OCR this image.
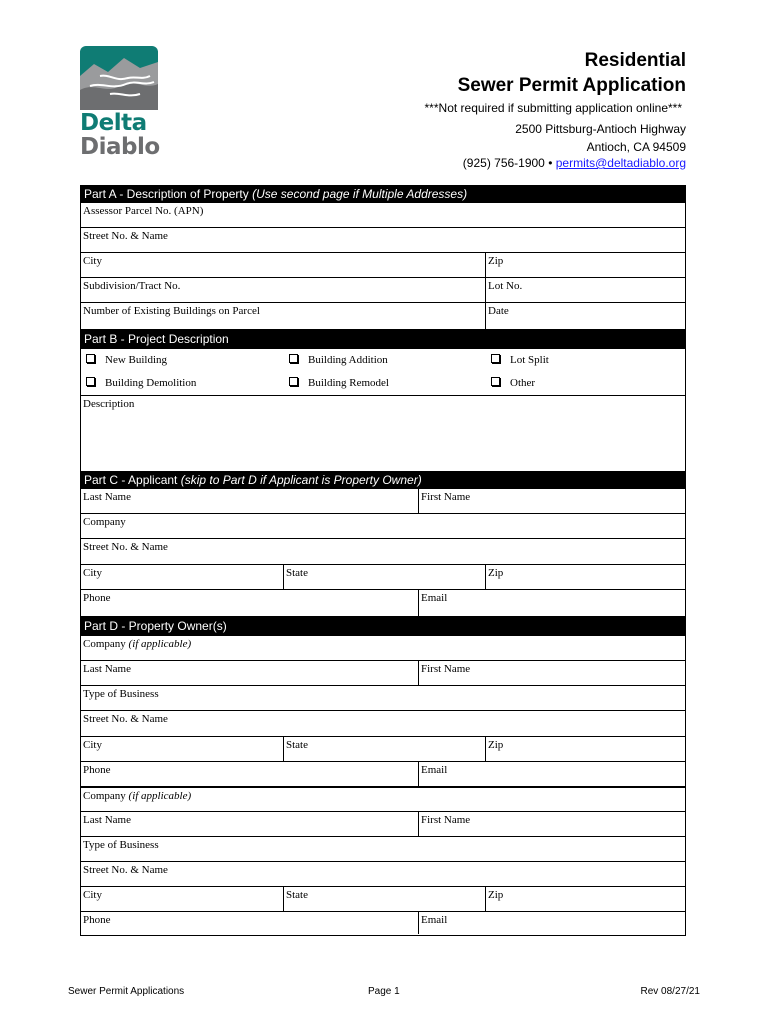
Delta
Diablo
Residential
Sewer Permit Application
***Not required if submitting application online***
2500 Pittsburg-Antioch Highway
Antioch, CA 94509
(925) 756-1900 • permits@deltadiablo.org
Part A - Description of Property (Use second page if Multiple Addresses)
Assessor Parcel No. (APN)
Street No. & Name
City	Zip
Subdivision/Tract No.	Lot No.
Number of Existing Buildings on Parcel	Date
Part B - Project Description
New Building	Building Addition	Lot Split
Building Demolition	Building Remodel	Other
Description
Part C - Applicant (skip to Part D if Applicant is Property Owner)
Last Name	First Name
Company
Street No. & Name
City	State	Zip
Phone	Email
Part D - Property Owner(s)
Company (if applicable)
Last Name	First Name
Type of Business
Street No. & Name
City	State	Zip
Phone	Email
Company (if applicable)
Last Name	First Name
Type of Business
Street No. & Name
City	State	Zip
Phone	Email
Sewer Permit Applications	Page 1	Rev 08/27/21
